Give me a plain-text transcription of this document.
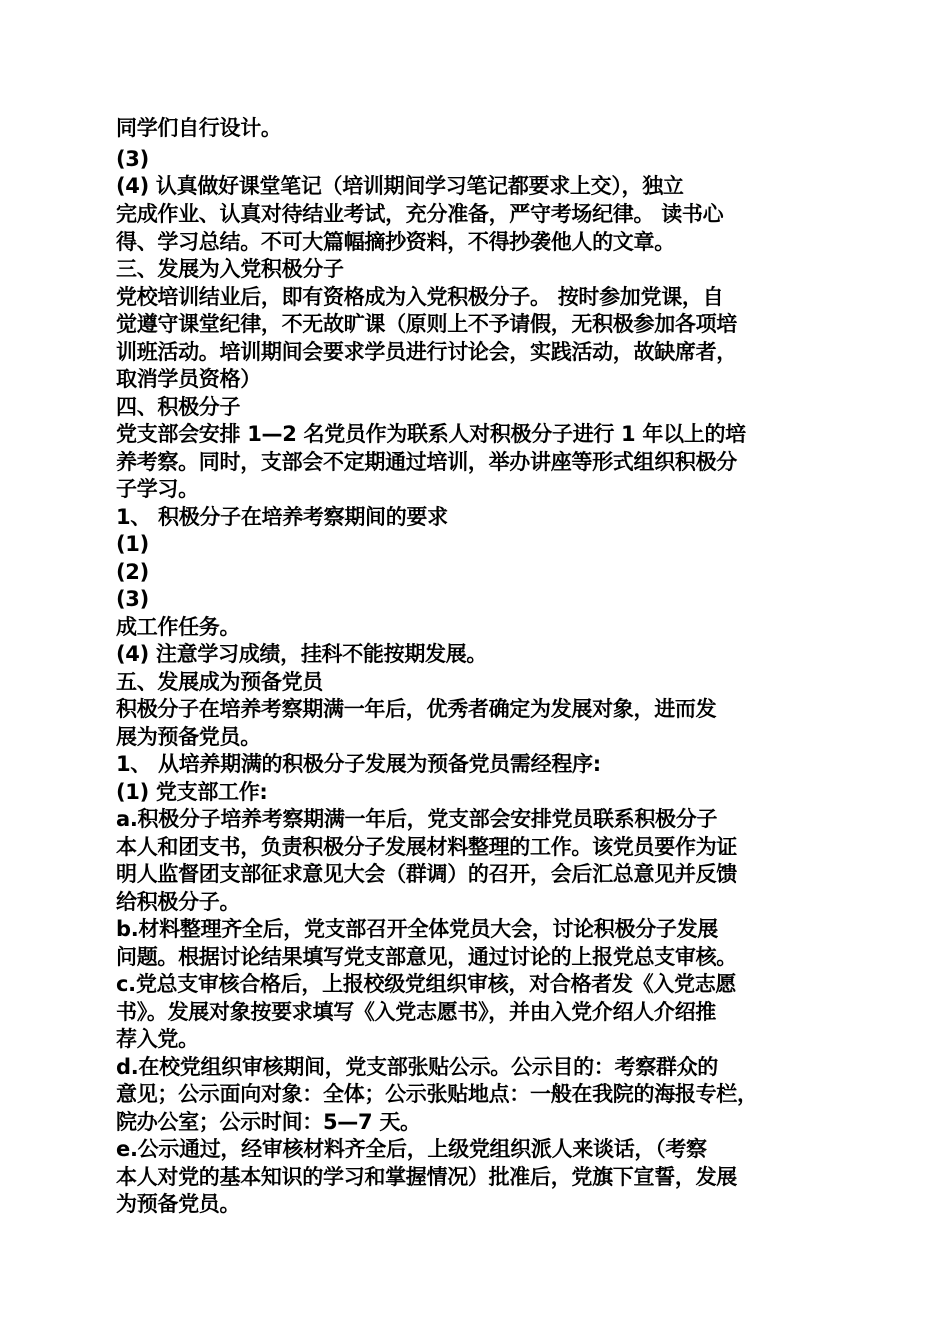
同学们自行设计。
(3)
(4) 认真做好课堂笔记（培训期间学习笔记都要求上交），独立
完成作业、认真对待结业考试，充分准备，严守考场纪律。 读书心
得、学习总结。不可大篇幅摘抄资料，不得抄袭他人的文章。
三、发展为入党积极分子
党校培训结业后，即有资格成为入党积极分子。 按时参加党课，自
觉遵守课堂纪律，不无故旷课（原则上不予请假，无积极参加各项培
训班活动。培训期间会要求学员进行讨论会，实践活动，故缺席者，
取消学员资格）
四、积极分子
党支部会安排 1—2 名党员作为联系人对积极分子进行 1 年以上的培
养考察。同时，支部会不定期通过培训，举办讲座等形式组织积极分
子学习。
1、 积极分子在培养考察期间的要求
(1)
(2)
(3)
成工作任务。
(4) 注意学习成绩，挂科不能按期发展。
五、发展成为预备党员
积极分子在培养考察期满一年后，优秀者确定为发展对象，进而发
展为预备党员。
1、 从培养期满的积极分子发展为预备党员需经程序:
(1) 党支部工作:
a.积极分子培养考察期满一年后，党支部会安排党员联系积极分子
本人和团支书，负责积极分子发展材料整理的工作。该党员要作为证
明人监督团支部征求意见大会（群调）的召开，会后汇总意见并反馈
给积极分子。
b.材料整理齐全后，党支部召开全体党员大会，讨论积极分子发展
问题。根据讨论结果填写党支部意见，通过讨论的上报党总支审核。
c.党总支审核合格后，上报校级党组织审核，对合格者发《入党志愿
书》。发展对象按要求填写《入党志愿书》，并由入党介绍人介绍推
荐入党。
d.在校党组织审核期间，党支部张贴公示。公示目的：考察群众的
意见；公示面向对象：全体；公示张贴地点：一般在我院的海报专栏，
院办公室；公示时间：5—7 天。
e.公示通过，经审核材料齐全后，上级党组织派人来谈话，（考察
本人对党的基本知识的学习和掌握情况）批准后，党旗下宣誓，发展
为预备党员。
